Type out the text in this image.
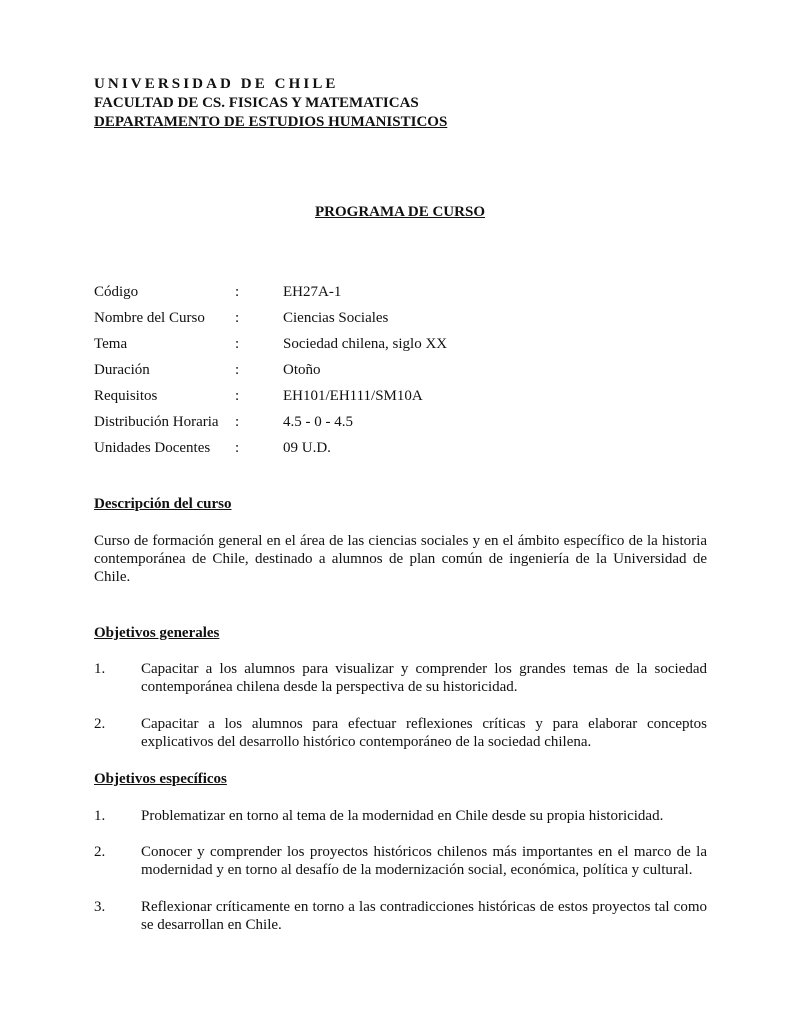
UNIVERSIDAD DE CHILE
FACULTAD DE CS. FISICAS Y MATEMATICAS
DEPARTAMENTO DE ESTUDIOS HUMANISTICOS
PROGRAMA DE CURSO
Código	:	EH27A-1
Nombre del Curso :	Ciencias Sociales
Tema	:	Sociedad chilena, siglo XX
Duración	:	Otoño
Requisitos	:	EH101/EH111/SM10A
Distribución Horaria :	4.5 - 0 - 4.5
Unidades Docentes :	09 U.D.
Descripción del curso
Curso de formación general en el área de las ciencias sociales y en el ámbito específico de la historia contemporánea de Chile, destinado a alumnos de plan común de ingeniería de la Universidad de Chile.
Objetivos generales
1. Capacitar a los alumnos para visualizar y comprender los grandes temas de la sociedad contemporánea chilena desde la perspectiva de su historicidad.
2. Capacitar a los alumnos para efectuar reflexiones críticas y para elaborar conceptos explicativos del desarrollo histórico contemporáneo de la sociedad chilena.
Objetivos específicos
1. Problematizar en torno al tema de la modernidad en Chile desde su propia historicidad.
2. Conocer y comprender los proyectos históricos chilenos más importantes en el marco de la modernidad y en torno al desafío de la modernización social, económica, política y cultural.
3. Reflexionar críticamente en torno a las contradicciones históricas de estos proyectos tal como se desarrollan en Chile.
